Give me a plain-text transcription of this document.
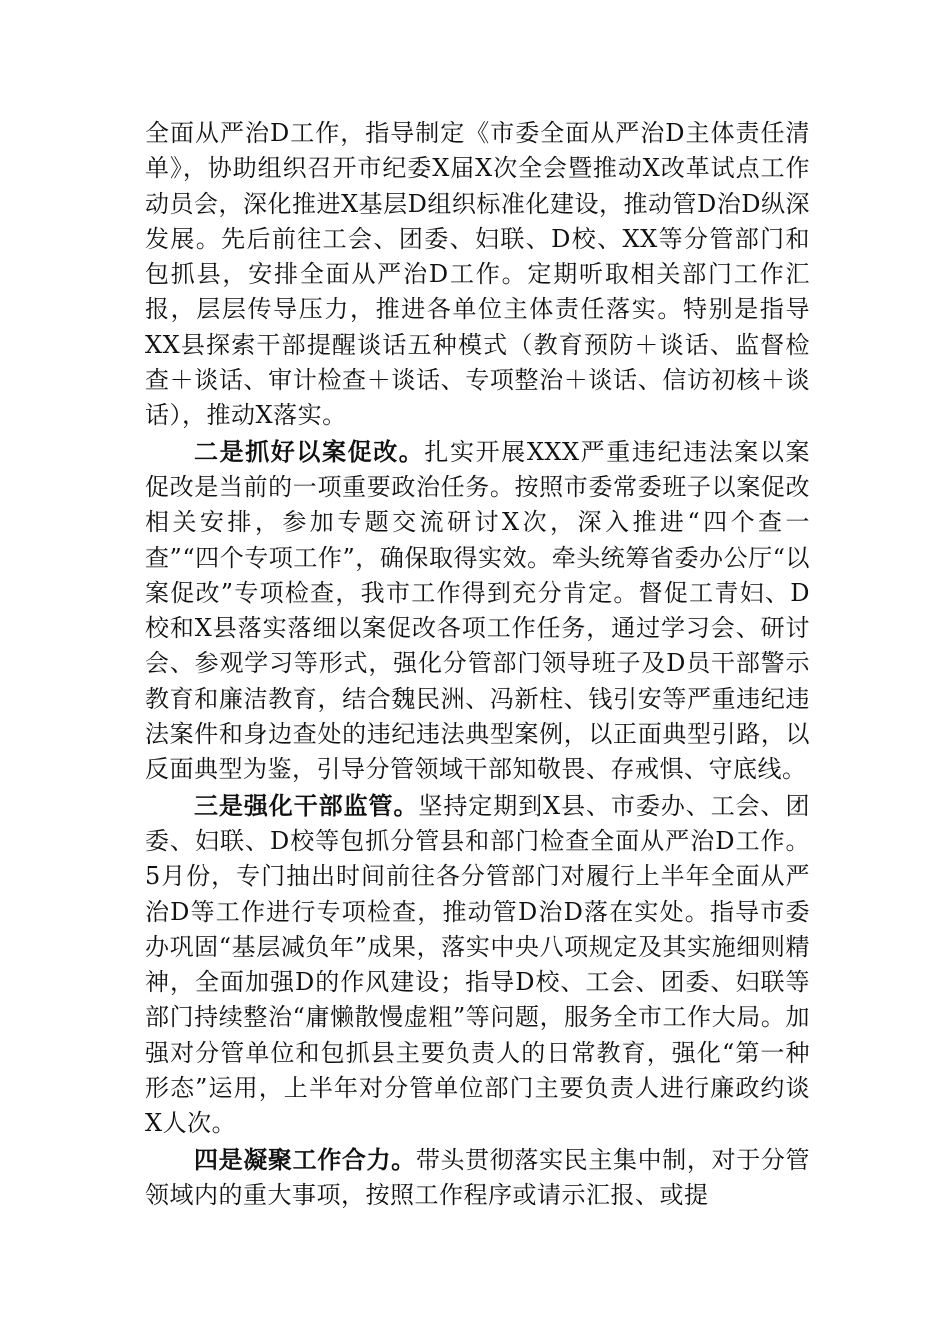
全面从严治D工作，指导制定《市委全面从严治D主体责任清单》，协助组织召开市纪委X届X次全会暨推动X改革试点工作动员会，深化推进X基层D组织标准化建设，推动管D治D纵深发展。先后前往工会、团委、妇联、D校、XX等分管部门和包抓县，安排全面从严治D工作。定期听取相关部门工作汇报，层层传导压力，推进各单位主体责任落实。特别是指导XX县探索干部提醒谈话五种模式（教育预防＋谈话、监督检查＋谈话、审计检查＋谈话、专项整治＋谈话、信访初核＋谈话），推动X落实。

二是抓好以案促改。扎实开展XXX严重违纪违法案以案促改是当前的一项重要政治任务。按照市委常委班子以案促改相关安排，参加专题交流研讨X次，深入推进“四个查一查”“四个专项工作”，确保取得实效。牵头统筹省委办公厅“以案促改”专项检查，我市工作得到充分肯定。督促工青妇、D校和X县落实落细以案促改各项工作任务，通过学习会、研讨会、参观学习等形式，强化分管部门领导班子及D员干部警示教育和廉洁教育，结合魏民洲、冯新柱、钱引安等严重违纪违法案件和身边查处的违纪违法典型案例，以正面典型引路，以反面典型为鉴，引导分管领域干部知敬畏、存戒惧、守底线。

三是强化干部监管。坚持定期到X县、市委办、工会、团委、妇联、D校等包抓分管县和部门检查全面从严治D工作。5月份，专门抽出时间前往各分管部门对履行上半年全面从严治D等工作进行专项检查，推动管D治D落在实处。指导市委办巩固“基层减负年”成果，落实中央八项规定及其实施细则精神，全面加强D的作风建设；指导D校、工会、团委、妇联等部门持续整治“庸懒散慢虚粗”等问题，服务全市工作大局。加强对分管单位和包抓县主要负责人的日常教育，强化“第一种形态”运用，上半年对分管单位部门主要负责人进行廉政约谈X人次。

四是凝聚工作合力。带头贯彻落实民主集中制，对于分管领域内的重大事项，按照工作程序或请示汇报、或提
